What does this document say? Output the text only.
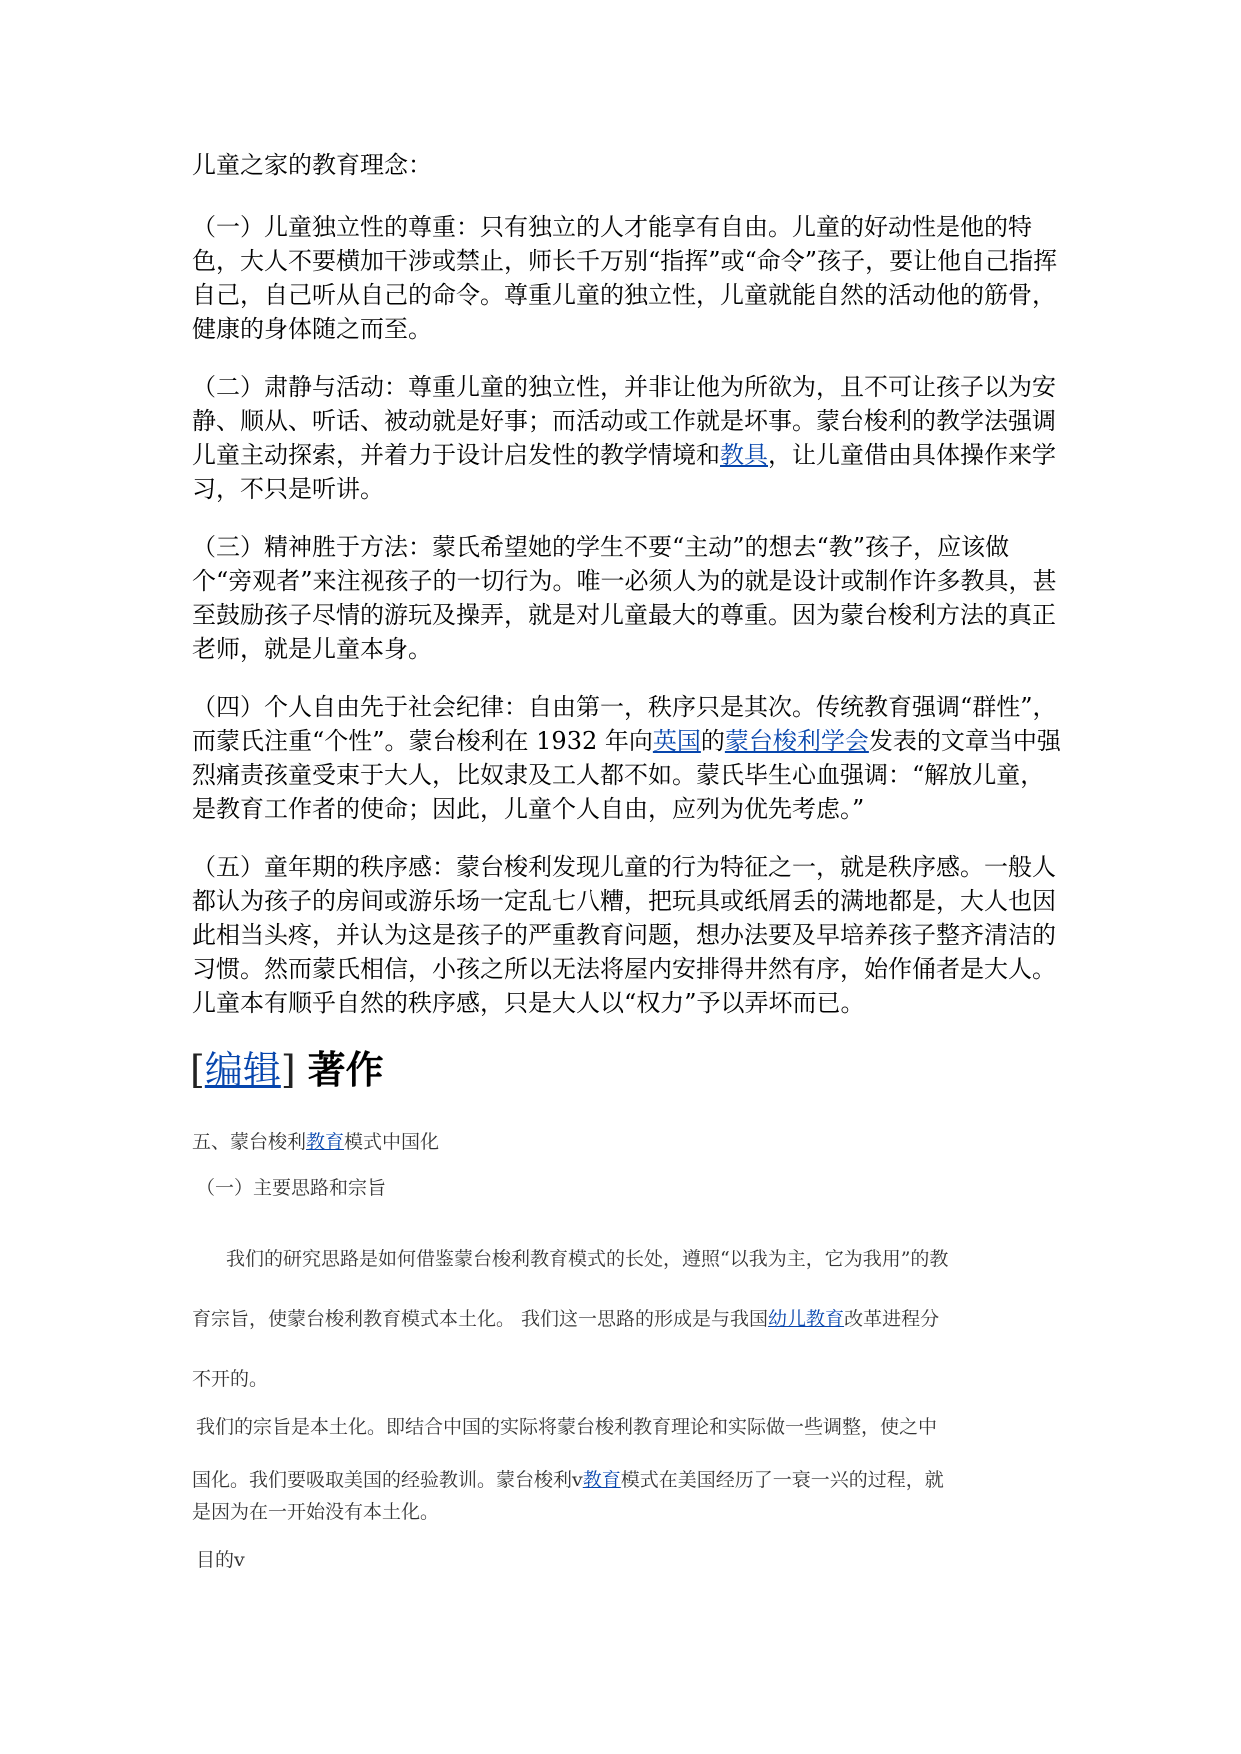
儿童之家的教育理念：

（一）儿童独立性的尊重：只有独立的人才能享有自由。儿童的好动性是他的特色，大人不要横加干涉或禁止，师长千万别“指挥”或“命令”孩子，要让他自己指挥自己，自己听从自己的命令。尊重儿童的独立性，儿童就能自然的活动他的筋骨，健康的身体随之而至。

（二）肃静与活动：尊重儿童的独立性，并非让他为所欲为，且不可让孩子以为安静、顺从、听话、被动就是好事；而活动或工作就是坏事。蒙台梭利的教学法强调儿童主动探索，并着力于设计启发性的教学情境和教具，让儿童借由具体操作来学习，不只是听讲。

（三）精神胜于方法：蒙氏希望她的学生不要“主动”的想去“教”孩子，应该做个“旁观者”来注视孩子的一切行为。唯一必须人为的就是设计或制作许多教具，甚至鼓励孩子尽情的游玩及操弄，就是对儿童最大的尊重。因为蒙台梭利方法的真正老师，就是儿童本身。

（四）个人自由先于社会纪律：自由第一，秩序只是其次。传统教育强调“群性”，而蒙氏注重“个性”。蒙台梭利在 1932 年向英国的蒙台梭利学会发表的文章当中强烈痛责孩童受束于大人，比奴隶及工人都不如。蒙氏毕生心血强调：“解放儿童，是教育工作者的使命；因此，儿童个人自由，应列为优先考虑。”

（五）童年期的秩序感：蒙台梭利发现儿童的行为特征之一，就是秩序感。一般人都认为孩子的房间或游乐场一定乱七八糟，把玩具或纸屑丢的满地都是，大人也因此相当头疼，并认为这是孩子的严重教育问题，想办法要及早培养孩子整齐清洁的习惯。然而蒙氏相信，小孩之所以无法将屋内安排得井然有序，始作俑者是大人。儿童本有顺乎自然的秩序感，只是大人以“权力”予以弄坏而已。

[编辑] 著作
五、蒙台梭利教育模式中国化
（一）主要思路和宗旨
我们的研究思路是如何借鉴蒙台梭利教育模式的长处，遵照“以我为主，它为我用”的教
育宗旨，使蒙台梭利教育模式本土化。 我们这一思路的形成是与我国幼儿教育改革进程分
不开的。
我们的宗旨是本土化。即结合中国的实际将蒙台梭利教育理论和实际做一些调整，使之中
国化。我们要吸取美国的经验教训。蒙台梭利v教育模式在美国经历了一衰一兴的过程，就
是因为在一开始没有本土化。
目的v
